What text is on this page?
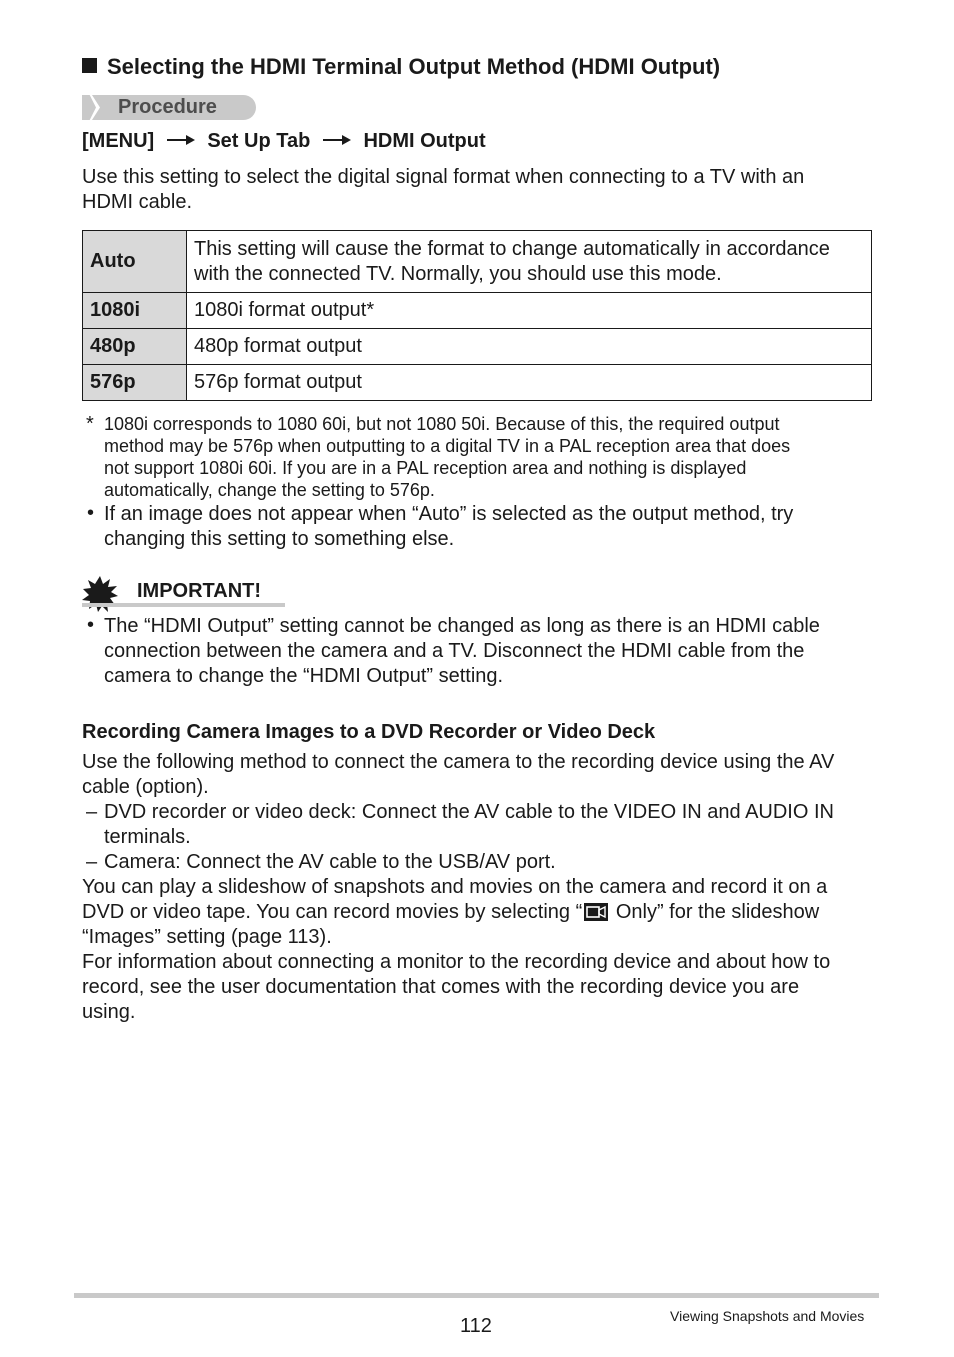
Selecting the HDMI Terminal Output Method (HDMI Output)
Procedure
[MENU]	Set Up Tab	HDMI Output
Use this setting to select the digital signal format when connecting to a TV with an
HDMI cable.
Auto	This setting will cause the format to change automatically in accordance
with the connected TV. Normally, you should use this mode.

1080i	1080i format output*
480p	480p format output
576p	576p format output
* 1080i corresponds to 1080 60i, but not 1080 50i. Because of this, the required output
method may be 576p when outputting to a digital TV in a PAL reception area that does
not support 1080i 60i. If you are in a PAL reception area and nothing is displayed
automatically, change the setting to 576p.
• If an image does not appear when “Auto” is selected as the output method, try
changing this setting to something else.
IMPORTANT!
• The “HDMI Output” setting cannot be changed as long as there is an HDMI cable
connection between the camera and a TV. Disconnect the HDMI cable from the
camera to change the “HDMI Output” setting.
Recording Camera Images to a DVD Recorder or Video Deck
Use the following method to connect the camera to the recording device using the AV
cable (option).
– DVD recorder or video deck: Connect the AV cable to the VIDEO IN and AUDIO IN
terminals.
– Camera: Connect the AV cable to the USB/AV port.
You can play a slideshow of snapshots and movies on the camera and record it on a
DVD or video tape. You can record movies by selecting “
Only” for the slideshow
“Images” setting (page 113).
For information about connecting a monitor to the recording device and about how to
record, see the user documentation that comes with the recording device you are
using.
112	Viewing Snapshots and Movies
